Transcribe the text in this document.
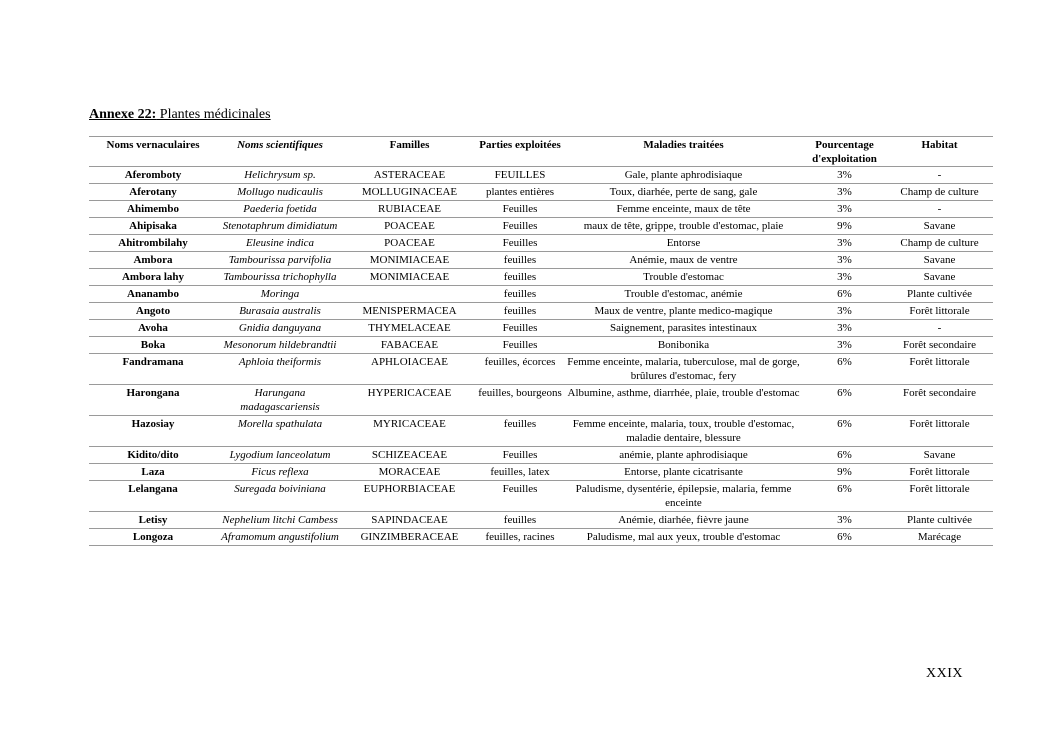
Annexe 22: Plantes médicinales
Noms vernaculaires	Noms scientifiques	Familles	Parties exploitées	Maladies traitées	Pourcentage d'exploitation	Habitat
Aferomboty	Helichrysum sp.	ASTERACEAE	FEUILLES	Gale, plante aphrodisiaque	3%	-
Aferotany	Mollugo nudicaulis	MOLLUGINACEAE	plantes entières	Toux, diarhée, perte de sang, gale	3%	Champ de culture
Ahimembo	Paederia foetida	RUBIACEAE	Feuilles	Femme enceinte, maux de tête	3%	-
Ahipisaka	Stenotaphrum dimidiatum	POACEAE	Feuilles	maux de tête, grippe, trouble d'estomac, plaie	9%	Savane
Ahitrombilahy	Eleusine indica	POACEAE	Feuilles	Entorse	3%	Champ de culture
Ambora	Tambourissa parvifolia	MONIMIACEAE	feuilles	Anémie, maux de ventre	3%	Savane
Ambora lahy	Tambourissa trichophylla	MONIMIACEAE	feuilles	Trouble d'estomac	3%	Savane
Ananambo	Moringa		feuilles	Trouble d'estomac, anémie	6%	Plante cultivée
Angoto	Burasaia australis	MENISPERMACEA	feuilles	Maux de ventre, plante medico-magique	3%	Forêt littorale
Avoha	Gnidia danguyana	THYMELACEAE	Feuilles	Saignement, parasites intestinaux	3%	-
Boka	Mesonorum hildebrandtii	FABACEAE	Feuilles	Bonibonika	3%	Forêt secondaire
Fandramana	Aphloia theiformis	APHLOIACEAE	feuilles, écorces	Femme enceinte, malaria, tuberculose, mal de gorge, brûlures d'estomac, fery	6%	Forêt littorale
Harongana	Harungana madagascariensis	HYPERICACEAE	feuilles, bourgeons	Albumine, asthme, diarrhée, plaie, trouble d'estomac	6%	Forêt secondaire
Hazosiay	Morella spathulata	MYRICACEAE	feuilles	Femme enceinte, malaria, toux, trouble d'estomac, maladie dentaire, blessure	6%	Forêt littorale
Kidito/dito	Lygodium lanceolatum	SCHIZEACEAE	Feuilles	anémie, plante aphrodisiaque	6%	Savane
Laza	Ficus reflexa	MORACEAE	feuilles, latex	Entorse, plante cicatrisante	9%	Forêt littorale
Lelangana	Suregada boiviniana	EUPHORBIACEAE	Feuilles	Paludisme, dysentérie, épilepsie, malaria, femme enceinte	6%	Forêt littorale
Letisy	Nephelium litchi Cambess	SAPINDACEAE	feuilles	Anémie, diarhée, fièvre jaune	3%	Plante cultivée
Longoza	Aframomum angustifolium	GINZIMBERACEAE	feuilles, racines	Paludisme, mal aux yeux, trouble d'estomac	6%	Marécage
XXIX
